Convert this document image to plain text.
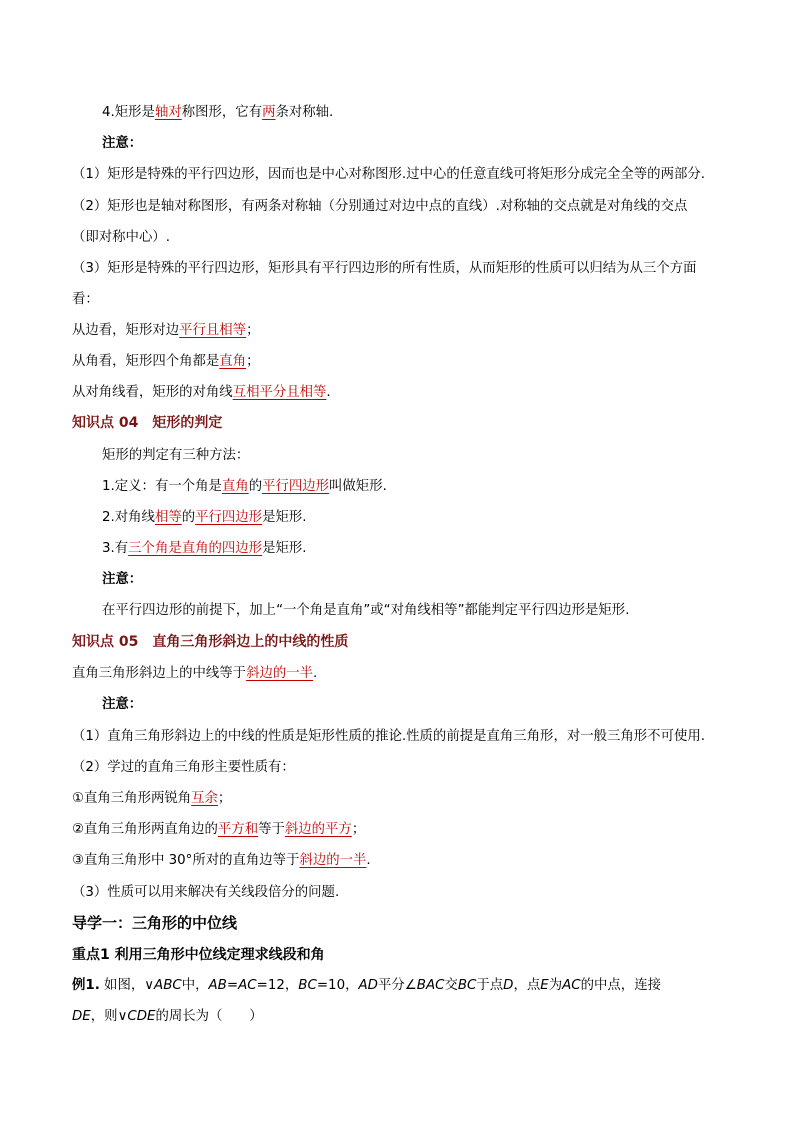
4.矩形是轴对称图形，它有两条对称轴.

注意：

（1）矩形是特殊的平行四边形，因而也是中心对称图形.过中心的任意直线可将矩形分成完全全等的两部分.

（2）矩形也是轴对称图形，有两条对称轴（分别通过对边中点的直线）.对称轴的交点就是对角线的交点

（即对称中心）.

（3）矩形是特殊的平行四边形，矩形具有平行四边形的所有性质，从而矩形的性质可以归结为从三个方面

看：

从边看，矩形对边平行且相等；

从角看，矩形四个角都是直角；

从对角线看，矩形的对角线互相平分且相等.

知识点 04　矩形的判定

矩形的判定有三种方法：

1.定义：有一个角是直角的平行四边形叫做矩形.

2.对角线相等的平行四边形是矩形.

3.有三个角是直角的四边形是矩形.

注意：

在平行四边形的前提下，加上“一个角是直角”或“对角线相等”都能判定平行四边形是矩形.

知识点 05　直角三角形斜边上的中线的性质

直角三角形斜边上的中线等于斜边的一半.

注意：

（1）直角三角形斜边上的中线的性质是矩形性质的推论.性质的前提是直角三角形，对一般三角形不可使用.

（2）学过的直角三角形主要性质有：

①直角三角形两锐角互余；

②直角三角形两直角边的平方和等于斜边的平方；

③直角三角形中 30°所对的直角边等于斜边的一半.

（3）性质可以用来解决有关线段倍分的问题.

导学一：三角形的中位线

重点1 利用三角形中位线定理求线段和角

例1. 如图，∨ABC中，AB=AC=12，BC=10，AD平分∠BAC交BC于点D，点E为AC的中点，连接

DE，则∨CDE的周长为（　　）
